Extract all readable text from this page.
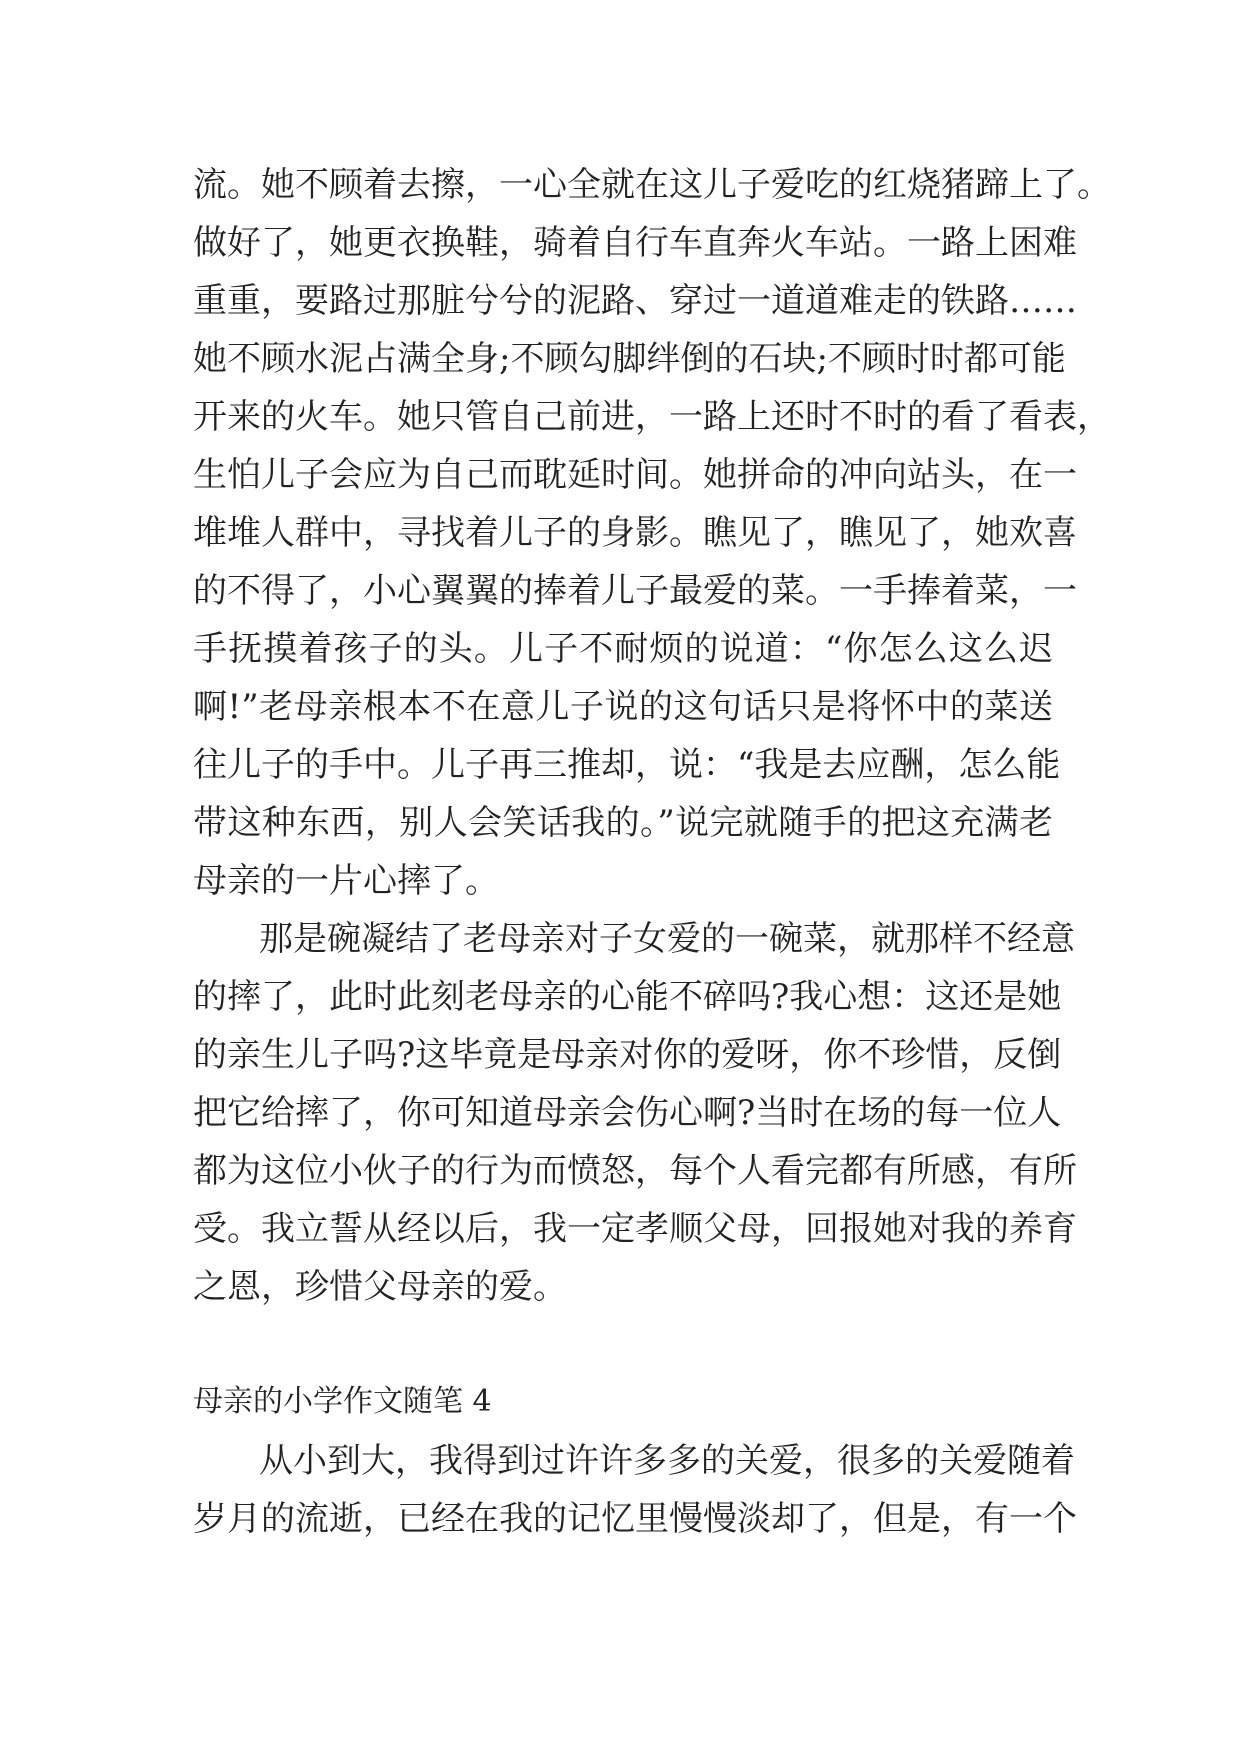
流。她不顾着去擦，一心全就在这儿子爱吃的红烧猪蹄上了。
做好了，她更衣换鞋，骑着自行车直奔火车站。一路上困难
重重，要路过那脏兮兮的泥路、穿过一道道难走的铁路……
她不顾水泥占满全身;不顾勾脚绊倒的石块;不顾时时都可能
开来的火车。她只管自己前进，一路上还时不时的看了看表，
生怕儿子会应为自己而耽延时间。她拼命的冲向站头，在一
堆堆人群中，寻找着儿子的身影。瞧见了，瞧见了，她欢喜
的不得了，小心翼翼的捧着儿子最爱的菜。一手捧着菜，一
手抚摸着孩子的头。儿子不耐烦的说道：“你怎么这么迟
啊!”老母亲根本不在意儿子说的这句话只是将怀中的菜送
往儿子的手中。儿子再三推却，说：“我是去应酬，怎么能
带这种东西，别人会笑话我的。”说完就随手的把这充满老
母亲的一片心摔了。
那是碗凝结了老母亲对子女爱的一碗菜，就那样不经意
的摔了，此时此刻老母亲的心能不碎吗?我心想：这还是她
的亲生儿子吗?这毕竟是母亲对你的爱呀，你不珍惜，反倒
把它给摔了，你可知道母亲会伤心啊?当时在场的每一位人
都为这位小伙子的行为而愤怒，每个人看完都有所感，有所
受。我立誓从经以后，我一定孝顺父母，回报她对我的养育
之恩，珍惜父母亲的爱。
母亲的小学作文随笔 4
从小到大，我得到过许许多多的关爱，很多的关爱随着
岁月的流逝，已经在我的记忆里慢慢淡却了，但是，有一个
